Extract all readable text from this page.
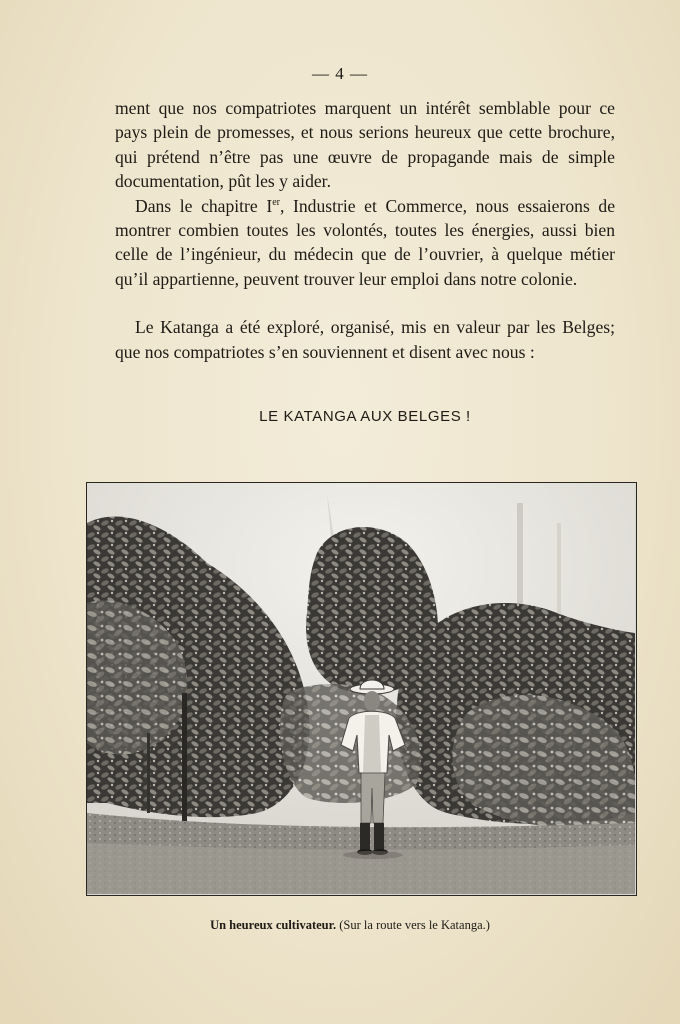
— 4 —

ment que nos compatriotes marquent un intérêt semblable pour ce pays plein de promesses, et nous serions heureux que cette brochure, qui prétend n’être pas une œuvre de propagande mais de simple documentation, pût les y aider.

Dans le chapitre Ier, Industrie et Commerce, nous essaierons de montrer combien toutes les volontés, toutes les énergies, aussi bien celle de l’ingénieur, du médecin que de l’ouvrier, à quelque métier qu’il appartienne, peuvent trouver leur emploi dans notre colonie.

Le Katanga a été exploré, organisé, mis en valeur par les Belges; que nos compatriotes s’en souviennent et disent avec nous :

LE KATANGA AUX BELGES !
Un heureux cultivateur. (Sur la route vers le Katanga.)
